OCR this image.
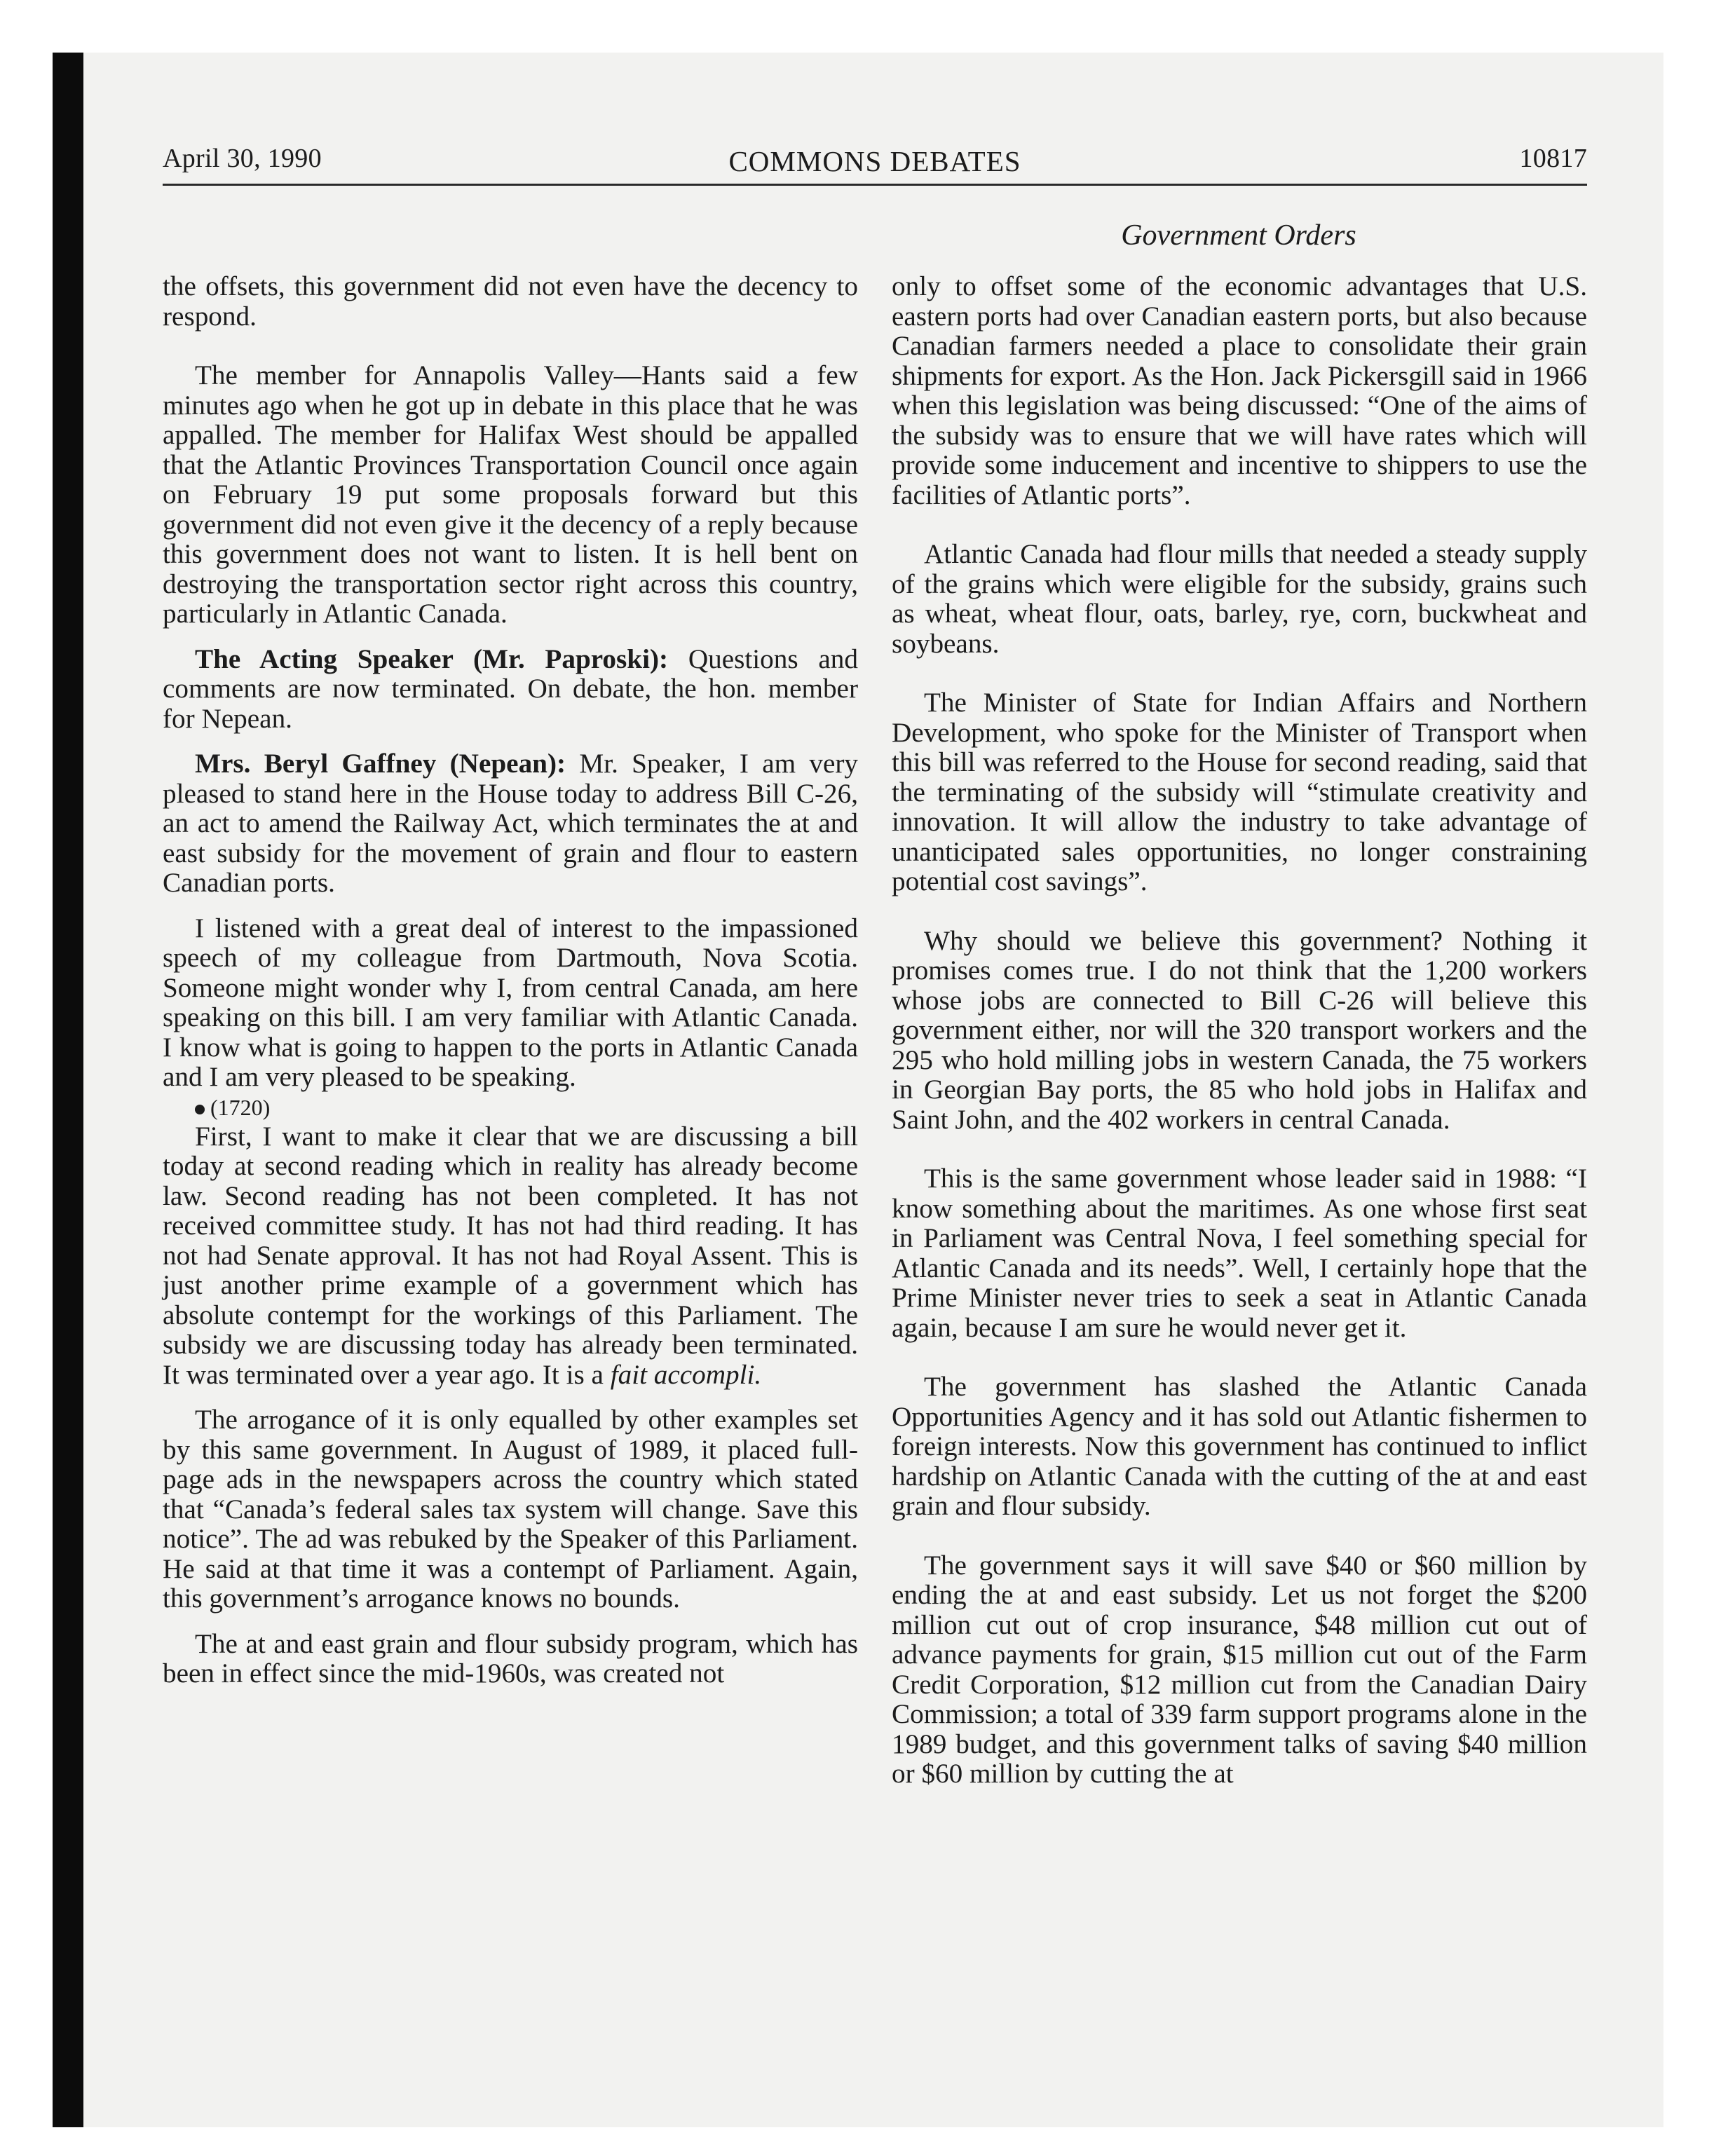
April 30, 1990	COMMONS DEBATES	10817
Government Orders

the offsets, this government did not even have the decency to respond.

The member for Annapolis Valley—Hants said a few minutes ago when he got up in debate in this place that he was appalled. The member for Halifax West should be appalled that the Atlantic Provinces Transportation Council once again on February 19 put some proposals forward but this government did not even give it the decency of a reply because this government does not want to listen. It is hell bent on destroying the transportation sector right across this country, particularly in Atlantic Canada.

The Acting Speaker (Mr. Paproski): Questions and comments are now terminated. On debate, the hon. member for Nepean.

Mrs. Beryl Gaffney (Nepean): Mr. Speaker, I am very pleased to stand here in the House today to address Bill C-26, an act to amend the Railway Act, which terminates the at and east subsidy for the movement of grain and flour to eastern Canadian ports.

I listened with a great deal of interest to the impassioned speech of my colleague from Dartmouth, Nova Scotia. Someone might wonder why I, from central Canada, am here speaking on this bill. I am very familiar with Atlantic Canada. I know what is going to happen to the ports in Atlantic Canada and I am very pleased to be speaking.

(1720)

First, I want to make it clear that we are discussing a bill today at second reading which in reality has already become law. Second reading has not been completed. It has not received committee study. It has not had third reading. It has not had Senate approval. It has not had Royal Assent. This is just another prime example of a government which has absolute contempt for the workings of this Parliament. The subsidy we are discussing today has already been terminated. It was terminated over a year ago. It is a fait accompli.

The arrogance of it is only equalled by other examples set by this same government. In August of 1989, it placed full-page ads in the newspapers across the country which stated that “Canada’s federal sales tax system will change. Save this notice”. The ad was rebuked by the Speaker of this Parliament. He said at that time it was a contempt of Parliament. Again, this government’s arrogance knows no bounds.

The at and east grain and flour subsidy program, which has been in effect since the mid-1960s, was created not

only to offset some of the economic advantages that U.S. eastern ports had over Canadian eastern ports, but also because Canadian farmers needed a place to consolidate their grain shipments for export. As the Hon. Jack Pickersgill said in 1966 when this legislation was being discussed: “One of the aims of the subsidy was to ensure that we will have rates which will provide some inducement and incentive to shippers to use the facilities of Atlantic ports”.

Atlantic Canada had flour mills that needed a steady supply of the grains which were eligible for the subsidy, grains such as wheat, wheat flour, oats, barley, rye, corn, buckwheat and soybeans.

The Minister of State for Indian Affairs and Northern Development, who spoke for the Minister of Transport when this bill was referred to the House for second reading, said that the terminating of the subsidy will “stimulate creativity and innovation. It will allow the industry to take advantage of unanticipated sales opportunities, no longer constraining potential cost savings”.

Why should we believe this government? Nothing it promises comes true. I do not think that the 1,200 workers whose jobs are connected to Bill C-26 will believe this government either, nor will the 320 transport workers and the 295 who hold milling jobs in western Canada, the 75 workers in Georgian Bay ports, the 85 who hold jobs in Halifax and Saint John, and the 402 workers in central Canada.

This is the same government whose leader said in 1988: “I know something about the maritimes. As one whose first seat in Parliament was Central Nova, I feel something special for Atlantic Canada and its needs”. Well, I certainly hope that the Prime Minister never tries to seek a seat in Atlantic Canada again, because I am sure he would never get it.

The government has slashed the Atlantic Canada Opportunities Agency and it has sold out Atlantic fishermen to foreign interests. Now this government has continued to inflict hardship on Atlantic Canada with the cutting of the at and east grain and flour subsidy.

The government says it will save $40 or $60 million by ending the at and east subsidy. Let us not forget the $200 million cut out of crop insurance, $48 million cut out of advance payments for grain, $15 million cut out of the Farm Credit Corporation, $12 million cut from the Canadian Dairy Commission; a total of 339 farm support programs alone in the 1989 budget, and this government talks of saving $40 million or $60 million by cutting the at
